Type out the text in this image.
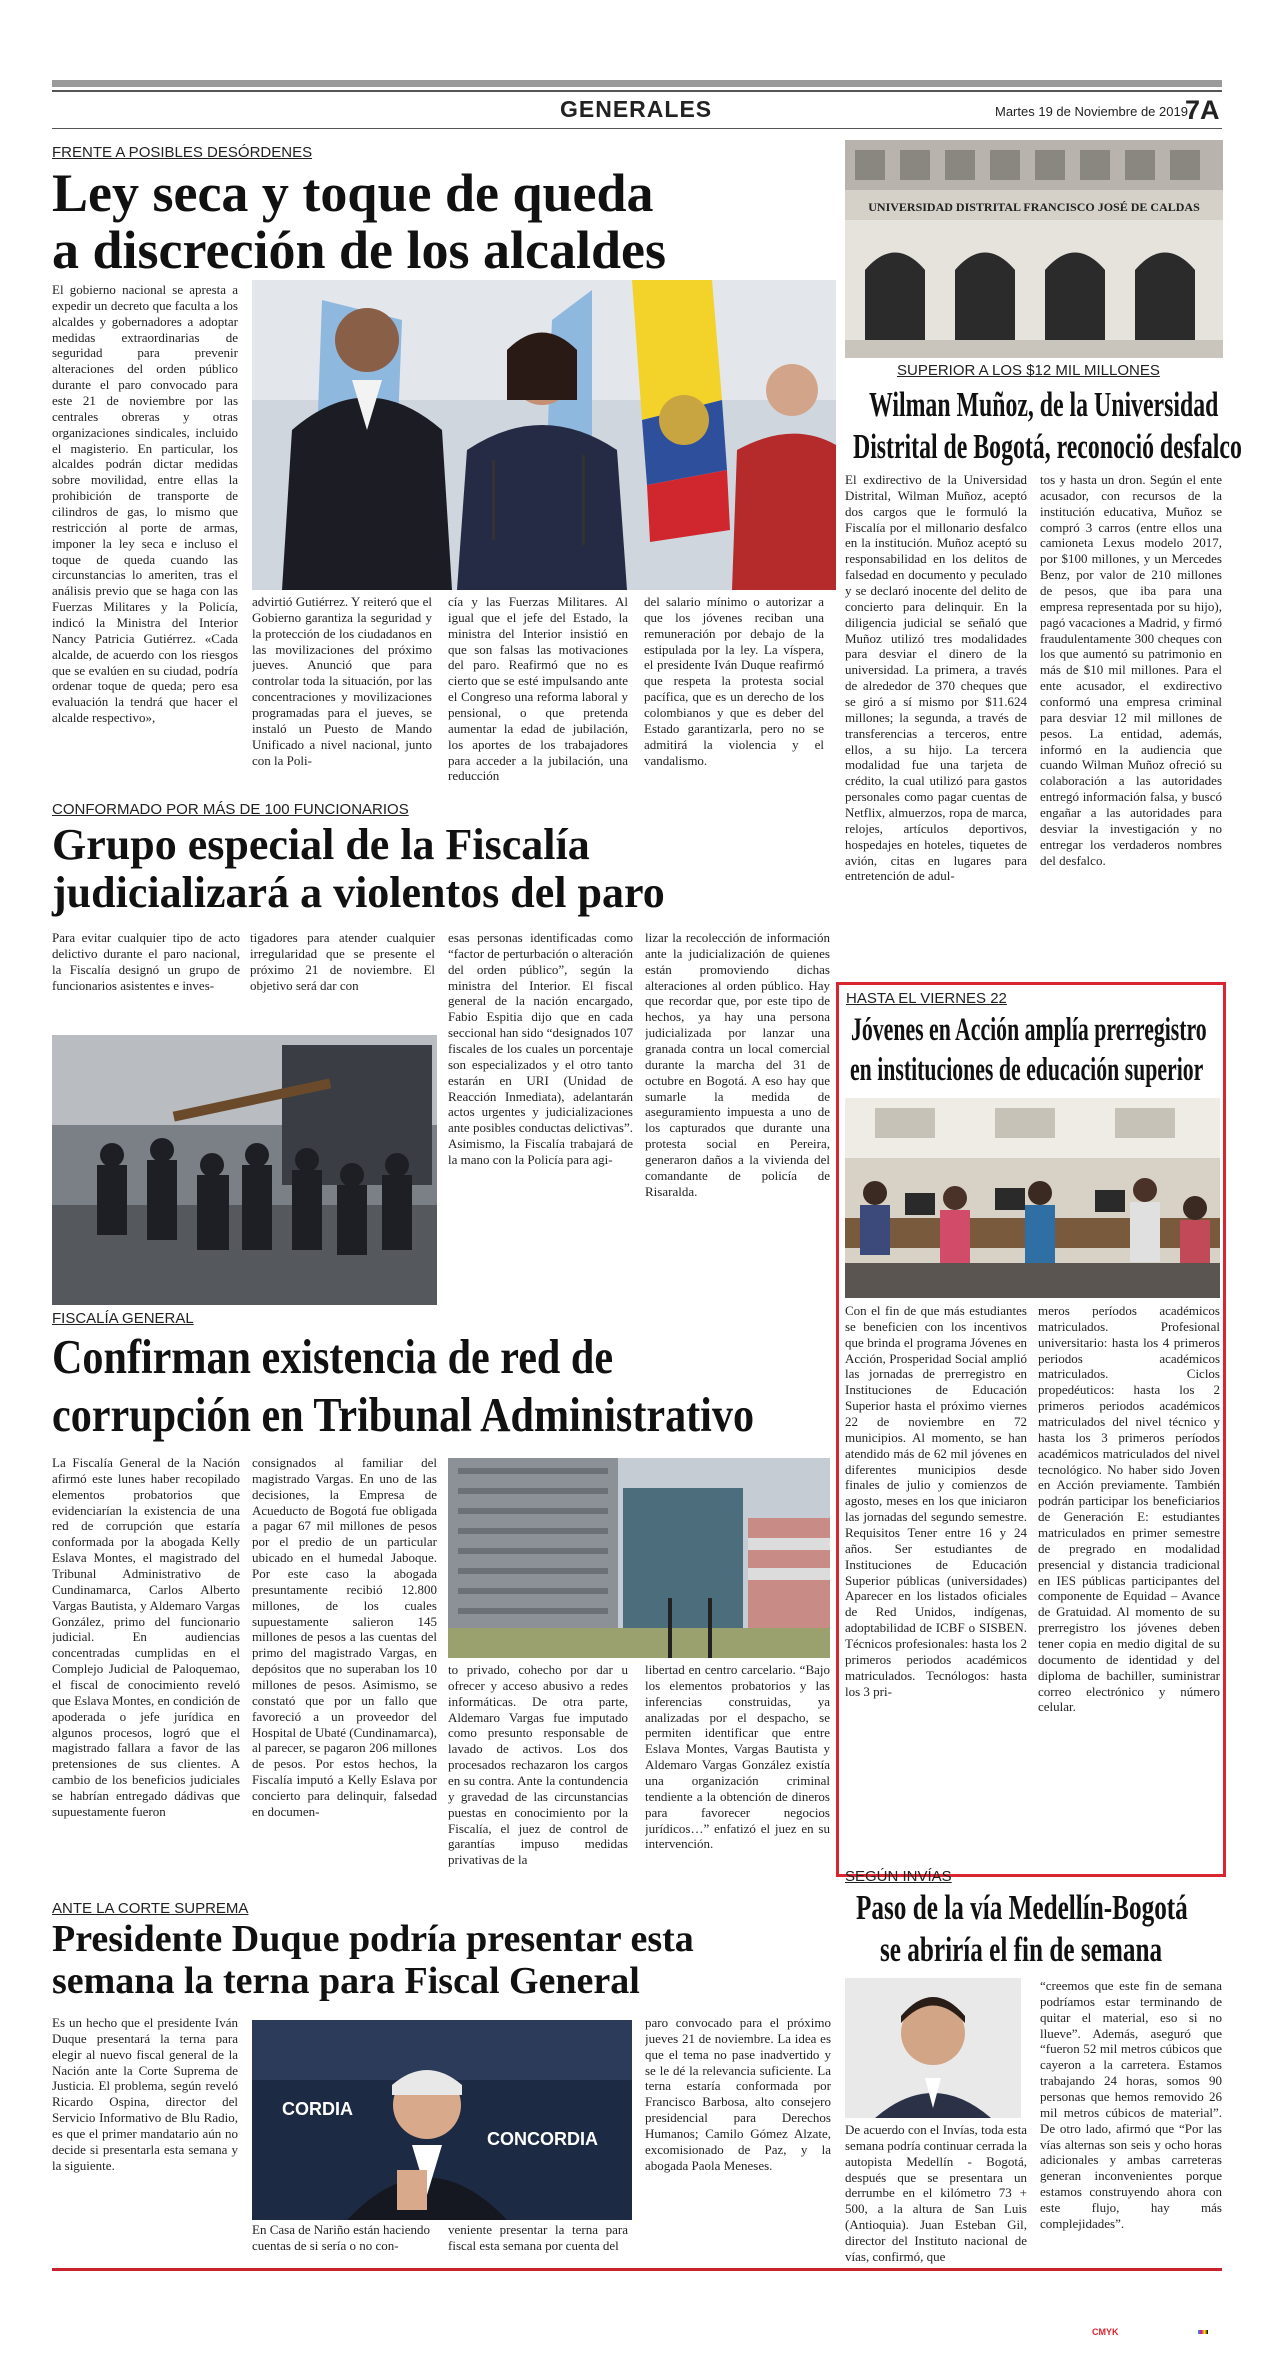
GENERALES	Martes 19 de Noviembre de 2019
7A
FRENTE A POSIBLES DESÓRDENES
Ley seca y toque de queda
a discreción de los alcaldes
El gobierno nacional se apresta a expedir un decreto que faculta a los alcaldes y gobernadores a adoptar medidas extraordinarias de seguridad para prevenir alteraciones del orden público durante el paro convocado para este 21 de noviembre por las centrales obreras y otras organizaciones sindicales, incluido el magisterio. En particular, los alcaldes podrán dictar medidas sobre movilidad, entre ellas la prohibición de transporte de cilindros de gas, lo mismo que restricción al porte de armas, imponer la ley seca e incluso el toque de queda cuando las circunstancias lo ameriten, tras el análisis previo que se haga con las Fuerzas Militares y la Policía, indicó la Ministra del Interior Nancy Patricia Gutiérrez. «Cada alcalde, de acuerdo con los riesgos que se evalúen en su ciudad, podría ordenar toque de queda; pero esa evaluación la tendrá que hacer el alcalde respectivo»,
advirtió Gutiérrez. Y reiteró que el Gobierno garantiza la seguridad y la protección de los ciudadanos en las movilizaciones del próximo jueves. Anunció que para controlar toda la situación, por las concentraciones y movilizaciones programadas para el jueves, se instaló un Puesto de Mando Unificado a nivel nacional, junto con la Poli-
cía y las Fuerzas Militares. Al igual que el jefe del Estado, la ministra del Interior insistió en que son falsas las motivaciones del paro. Reafirmó que no es cierto que se esté impulsando ante el Congreso una reforma laboral y pensional, o que pretenda aumentar la edad de jubilación, los aportes de los trabajadores para acceder a la jubilación, una reducción
del salario mínimo o autorizar a que los jóvenes reciban una remuneración por debajo de la estipulada por la ley. La víspera, el presidente Iván Duque reafirmó que respeta la protesta social pacífica, que es un derecho de los colombianos y que es deber del Estado garantizarla, pero no se admitirá la violencia y el vandalismo.
CONFORMADO POR MÁS DE 100 FUNCIONARIOS
Grupo especial de la Fiscalía
judicializará a violentos del paro
Para evitar cualquier tipo de acto delictivo durante el paro nacional, la Fiscalía designó un grupo de funcionarios asistentes e inves-
tigadores para atender cualquier irregularidad que se presente el próximo 21 de noviembre. El objetivo será dar con
esas personas identificadas como “factor de perturbación o alteración del orden público”, según la ministra del Interior. El fiscal general de la nación encargado, Fabio Espitia dijo que en cada seccional han sido “designados 107 fiscales de los cuales un porcentaje son especializados y el otro tanto estarán en URI (Unidad de Reacción Inmediata), adelantarán actos urgentes y judicializaciones ante posibles conductas delictivas”. Asimismo, la Fiscalía trabajará de la mano con la Policía para agi-
lizar la recolección de información ante la judicialización de quienes están promoviendo dichas alteraciones al orden público. Hay que recordar que, por este tipo de hechos, ya hay una persona judicializada por lanzar una granada contra un local comercial durante la marcha del 31 de octubre en Bogotá. A eso hay que sumarle la medida de aseguramiento impuesta a uno de los capturados que durante una protesta social en Pereira, generaron daños a la vivienda del comandante de policía de Risaralda.
FISCALÍA GENERAL
Confirman existencia de red de
corrupción en Tribunal Administrativo
La Fiscalía General de la Nación afirmó este lunes haber recopilado elementos probatorios que evidenciarían la existencia de una red de corrupción que estaría conformada por la abogada Kelly Eslava Montes, el magistrado del Tribunal Administrativo de Cundinamarca, Carlos Alberto Vargas Bautista, y Aldemaro Vargas González, primo del funcionario judicial. En audiencias concentradas cumplidas en el Complejo Judicial de Paloquemao, el fiscal de conocimiento reveló que Eslava Montes, en condición de apoderada o jefe jurídica en algunos procesos, logró que el magistrado fallara a favor de las pretensiones de sus clientes. A cambio de los beneficios judiciales se habrían entregado dádivas que supuestamente fueron
consignados al familiar del magistrado Vargas. En uno de las decisiones, la Empresa de Acueducto de Bogotá fue obligada a pagar 67 mil millones de pesos por el predio de un particular ubicado en el humedal Jaboque. Por este caso la abogada presuntamente recibió 12.800 millones, de los cuales supuestamente salieron 145 millones de pesos a las cuentas del primo del magistrado Vargas, en depósitos que no superaban los 10 millones de pesos. Asimismo, se constató que por un fallo que favoreció a un proveedor del Hospital de Ubaté (Cundinamarca), al parecer, se pagaron 206 millones de pesos. Por estos hechos, la Fiscalía imputó a Kelly Eslava por concierto para delinquir, falsedad en documen-
to privado, cohecho por dar u ofrecer y acceso abusivo a redes informáticas. De otra parte, Aldemaro Vargas fue imputado como presunto responsable de lavado de activos. Los dos procesados rechazaron los cargos en su contra. Ante la contundencia y gravedad de las circunstancias puestas en conocimiento por la Fiscalía, el juez de control de garantías impuso medidas privativas de la
libertad en centro carcelario. “Bajo los elementos probatorios y las inferencias construidas, ya analizadas por el despacho, se permiten identificar que entre Eslava Montes, Vargas Bautista y Aldemaro Vargas González existía una organización criminal tendiente a la obtención de dineros para favorecer negocios jurídicos…” enfatizó el juez en su intervención.
ANTE LA CORTE SUPREMA
Presidente Duque podría presentar esta
semana la terna para Fiscal General
Es un hecho que el presidente Iván Duque presentará la terna para elegir al nuevo fiscal general de la Nación ante la Corte Suprema de Justicia. El problema, según reveló Ricardo Ospina, director del Servicio Informativo de Blu Radio, es que el primer mandatario aún no decide si presentarla esta semana y la siguiente.
CORDIA
CONCORDIA
En Casa de Nariño están haciendo cuentas de si sería o no con-
veniente presentar la terna para fiscal esta semana por cuenta del
paro convocado para el próximo jueves 21 de noviembre. La idea es que el tema no pase inadvertido y se le dé la relevancia suficiente. La terna estaría conformada por Francisco Barbosa, alto consejero presidencial para Derechos Humanos; Camilo Gómez Alzate, excomisionado de Paz, y la abogada Paola Meneses.
UNIVERSIDAD DISTRITAL FRANCISCO JOSÉ DE CALDAS
SUPERIOR A LOS $12 MIL MILLONES
Wilman Muñoz, de la Universidad
Distrital de Bogotá, reconoció desfalco
El exdirectivo de la Universidad Distrital, Wilman Muñoz, aceptó dos cargos que le formuló la Fiscalía por el millonario desfalco en la institución. Muñoz aceptó su responsabilidad en los delitos de falsedad en documento y peculado y se declaró inocente del delito de concierto para delinquir. En la diligencia judicial se señaló que Muñoz utilizó tres modalidades para desviar el dinero de la universidad. La primera, a través de alrededor de 370 cheques que se giró a sí mismo por $11.624 millones; la segunda, a través de transferencias a terceros, entre ellos, a su hijo. La tercera modalidad fue una tarjeta de crédito, la cual utilizó para gastos personales como pagar cuentas de Netflix, almuerzos, ropa de marca, relojes, artículos deportivos, hospedajes en hoteles, tiquetes de avión, citas en lugares para entretención de adul-
tos y hasta un dron. Según el ente acusador, con recursos de la institución educativa, Muñoz se compró 3 carros (entre ellos una camioneta Lexus modelo 2017, por $100 millones, y un Mercedes Benz, por valor de 210 millones de pesos, que iba para una empresa representada por su hijo), pagó vacaciones a Madrid, y firmó fraudulentamente 300 cheques con los que aumentó su patrimonio en más de $10 mil millones. Para el ente acusador, el exdirectivo conformó una empresa criminal para desviar 12 mil millones de pesos. La entidad, además, informó en la audiencia que cuando Wilman Muñoz ofreció su colaboración a las autoridades entregó información falsa, y buscó engañar a las autoridades para desviar la investigación y no entregar los verdaderos nombres del desfalco.
HASTA EL VIERNES 22
Jóvenes en Acción amplía prerregistro
en instituciones de educación superior
Con el fin de que más estudiantes se beneficien con los incentivos que brinda el programa Jóvenes en Acción, Prosperidad Social amplió las jornadas de prerregistro en Instituciones de Educación Superior hasta el próximo viernes 22 de noviembre en 72 municipios. Al momento, se han atendido más de 62 mil jóvenes en diferentes municipios desde finales de julio y comienzos de agosto, meses en los que iniciaron las jornadas del segundo semestre. Requisitos Tener entre 16 y 24 años. Ser estudiantes de Instituciones de Educación Superior públicas (universidades) Aparecer en los listados oficiales de Red Unidos, indígenas, adoptabilidad de ICBF o SISBEN. Técnicos profesionales: hasta los 2 primeros periodos académicos matriculados. Tecnólogos: hasta los 3 pri-
meros períodos académicos matriculados. Profesional universitario: hasta los 4 primeros periodos académicos matriculados. Ciclos propedéuticos: hasta los 2 primeros periodos académicos matriculados del nivel técnico y hasta los 3 primeros períodos académicos matriculados del nivel tecnológico. No haber sido Joven en Acción previamente. También podrán participar los beneficiarios de Generación E: estudiantes matriculados en primer semestre de pregrado en modalidad presencial y distancia tradicional en IES públicas participantes del componente de Equidad – Avance de Gratuidad. Al momento de su prerregistro los jóvenes deben tener copia en medio digital de su documento de identidad y del diploma de bachiller, suministrar correo electrónico y número celular.
SEGÚN INVÍAS
Paso de la vía Medellín-Bogotá
se abriría el fin de semana
De acuerdo con el Invías, toda esta semana podría continuar cerrada la autopista Medellín - Bogotá, después que se presentara un derrumbe en el kilómetro 73 + 500, a la altura de San Luis (Antioquia). Juan Esteban Gil, director del Instituto nacional de vías, confirmó, que
“creemos que este fin de semana podríamos estar terminando de quitar el material, eso si no llueve”. Además, aseguró que “fueron 52 mil metros cúbicos que cayeron a la carretera. Estamos trabajando 24 horas, somos 90 personas que hemos removido 26 mil metros cúbicos de material”. De otro lado, afirmó que “Por las vías alternas son seis y ocho horas adicionales y ambas carreteras generan inconvenientes porque estamos construyendo ahora con este flujo, hay más complejidades”.
CMYK
